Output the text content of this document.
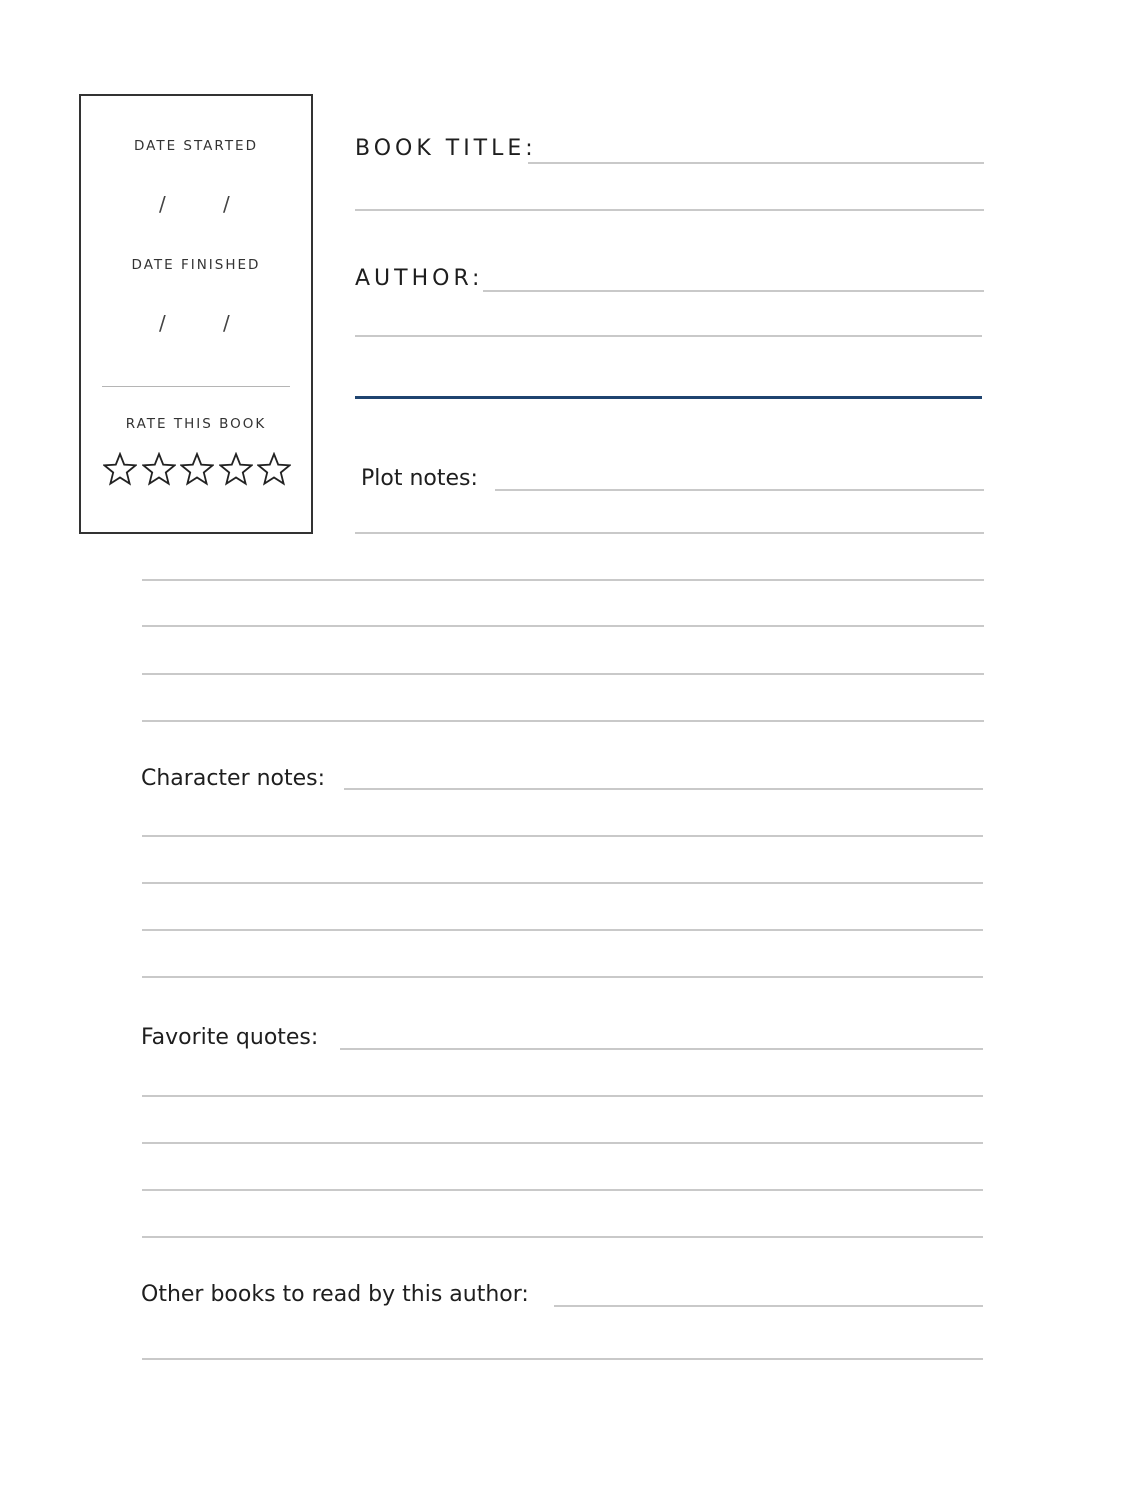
DATE STARTED
/	/
DATE FINISHED
/	/
RATE THIS BOOK
BOOK TITLE:
AUTHOR:
Plot notes:
Character notes:
Favorite quotes:
Other books to read by this author:
